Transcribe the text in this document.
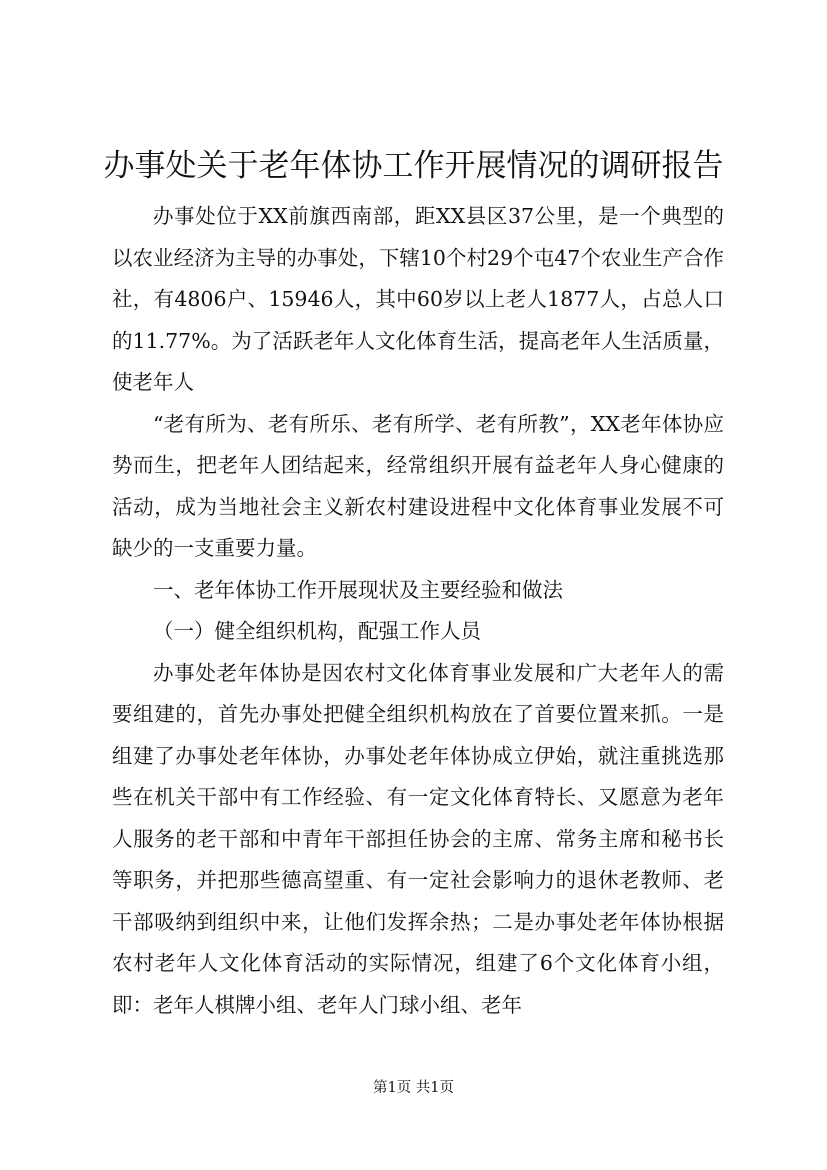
办事处关于老年体协工作开展情况的调研报告

办事处位于XX前旗西南部，距XX县区37公里，是一个典型的以农业经济为主导的办事处，下辖10个村29个屯47个农业生产合作社，有4806户、15946人，其中60岁以上老人1877人，占总人口的11.77%。为了活跃老年人文化体育生活，提高老年人生活质量，使老年人

“老有所为、老有所乐、老有所学、老有所教”，XX老年体协应势而生，把老年人团结起来，经常组织开展有益老年人身心健康的活动，成为当地社会主义新农村建设进程中文化体育事业发展不可缺少的一支重要力量。

一、老年体协工作开展现状及主要经验和做法

（一）健全组织机构，配强工作人员

办事处老年体协是因农村文化体育事业发展和广大老年人的需要组建的，首先办事处把健全组织机构放在了首要位置来抓。一是组建了办事处老年体协，办事处老年体协成立伊始，就注重挑选那些在机关干部中有工作经验、有一定文化体育特长、又愿意为老年人服务的老干部和中青年干部担任协会的主席、常务主席和秘书长等职务，并把那些德高望重、有一定社会影响力的退休老教师、老干部吸纳到组织中来，让他们发挥余热；二是办事处老年体协根据农村老年人文化体育活动的实际情况，组建了6个文化体育小组，即：老年人棋牌小组、老年人门球小组、老年

第1页 共1页
